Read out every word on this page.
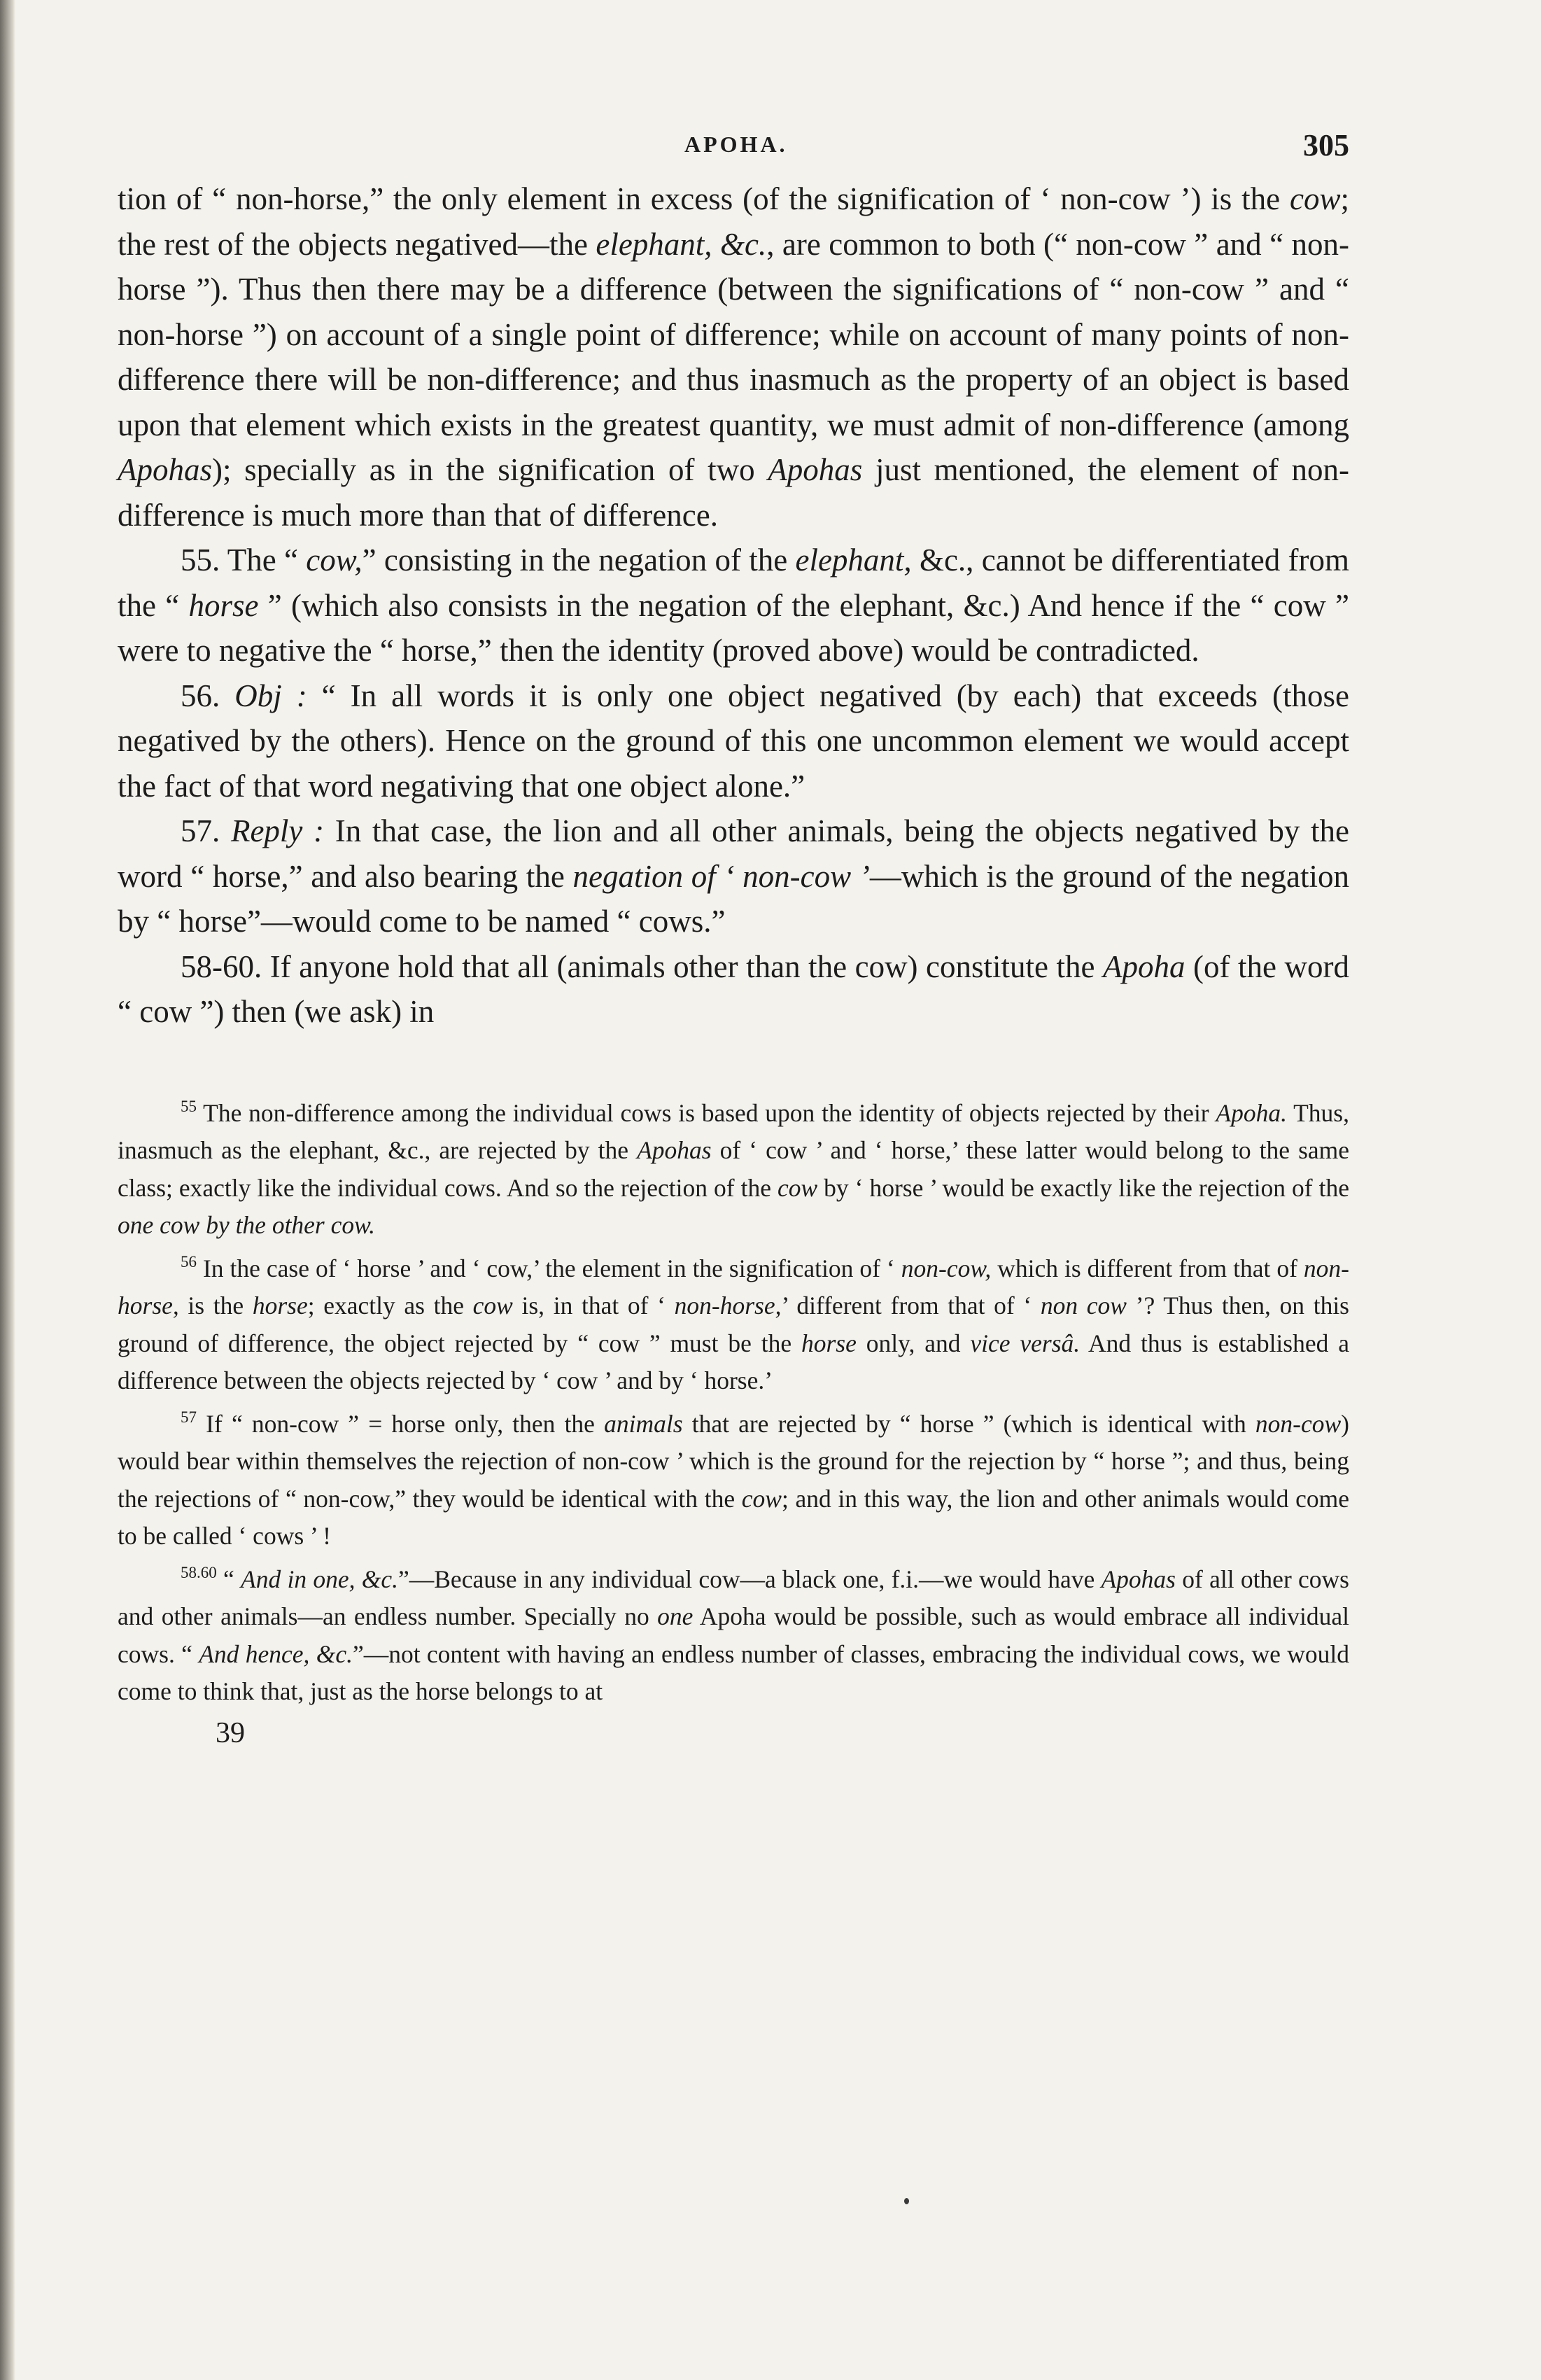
APOHA.	305

tion of “ non-horse,” the only element in excess (of the signification of ‘ non-cow ’) is the cow; the rest of the objects negatived—the elephant, &c., are common to both (“ non-cow ” and “ non-horse ”). Thus then there may be a difference (between the significations of “ non-cow ” and “ non-horse ”) on account of a single point of difference; while on account of many points of non-difference there will be non-difference; and thus inasmuch as the property of an object is based upon that element which exists in the greatest quantity, we must admit of non-difference (among Apohas); specially as in the signification of two Apohas just mentioned, the element of non-difference is much more than that of difference.

55. The “ cow,” consisting in the negation of the elephant, &c., cannot be differentiated from the “ horse ” (which also consists in the negation of the elephant, &c.) And hence if the “ cow ” were to negative the “ horse,” then the identity (proved above) would be contradicted.

56. Obj : “ In all words it is only one object negatived (by each) that exceeds (those negatived by the others). Hence on the ground of this one uncommon element we would accept the fact of that word negativing that one object alone.”

57. Reply : In that case, the lion and all other animals, being the objects negatived by the word “ horse,” and also bearing the negation of ‘ non-cow ’—which is the ground of the negation by “ horse”—would come to be named “ cows.”

58-60. If anyone hold that all (animals other than the cow) constitute the Apoha (of the word “ cow ”) then (we ask) in

$^{55}$ The non-difference among the individual cows is based upon the identity of objects rejected by their Apoha. Thus, inasmuch as the elephant, &c., are rejected by the Apohas of ‘ cow ’ and ‘ horse,’ these latter would belong to the same class; exactly like the individual cows. And so the rejection of the cow by ‘ horse ’ would be exactly like the rejection of the one cow by the other cow.

$^{56}$ In the case of ‘ horse ’ and ‘ cow,’ the element in the signification of ‘ non-cow, which is different from that of non-horse, is the horse; exactly as the cow is, in that of ‘ non-horse,’ different from that of ‘ non cow ’? Thus then, on this ground of difference, the object rejected by “ cow ” must be the horse only, and vice versâ. And thus is established a difference between the objects rejected by ‘ cow ’ and by ‘ horse.’

$^{57}$ If “ non-cow ” = horse only, then the animals that are rejected by “ horse ” (which is identical with non-cow) would bear within themselves the rejection of non-cow ’ which is the ground for the rejection by “ horse ”; and thus, being the rejections of “ non-cow,” they would be identical with the cow; and in this way, the lion and other animals would come to be called ‘ cows ’ !

$^{58.60}$ “ And in one, &c.”—Because in any individual cow—a black one, f.i.—we would have Apohas of all other cows and other animals—an endless number. Specially no one Apoha would be possible, such as would embrace all individual cows. “ And hence, &c.”—not content with having an endless number of classes, embracing the individual cows, we would come to think that, just as the horse belongs to at

39
